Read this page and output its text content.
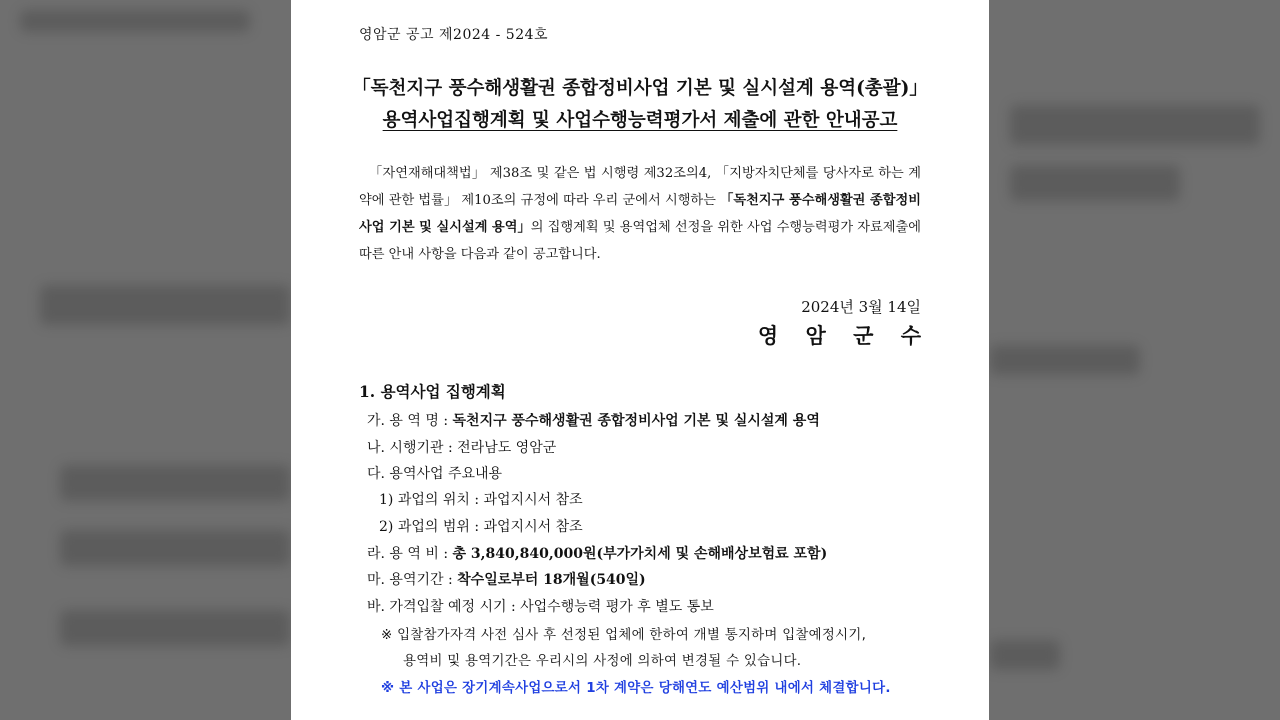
영암군 공고 제2024 - 524호
「독천지구 풍수해생활권 종합정비사업 기본 및 실시설계 용역(총괄)」
용역사업집행계획 및 사업수행능력평가서 제출에 관한 안내공고
「자연재해대책법」 제38조 및 같은 법 시행령 제32조의4, 「지방자치단체를 당사자로 하는 계약에 관한 법률」 제10조의 규정에 따라 우리 군에서 시행하는 「독천지구 풍수해생활권 종합정비사업 기본 및 실시설계 용역」의 집행계획 및 용역업체 선정을 위한 사업 수행능력평가 자료제출에 따른 안내 사항을 다음과 같이 공고합니다.
2024년 3월 14일
영 암 군 수
1. 용역사업 집행계획
가. 용 역 명 : 독천지구 풍수해생활권 종합정비사업 기본 및 실시설계 용역
나. 시행기관 : 전라남도 영암군
다. 용역사업 주요내용
1) 과업의 위치 : 과업지시서 참조
2) 과업의 범위 : 과업지시서 참조
라. 용 역 비 : 총 3,840,840,000원(부가가치세 및 손해배상보험료 포함)
마. 용역기간 : 착수일로부터 18개월(540일)
바. 가격입찰 예정 시기 : 사업수행능력 평가 후 별도 통보
※ 입찰참가자격 사전 심사 후 선정된 업체에 한하여 개별 통지하며 입찰예정시기,
용역비 및 용역기간은 우리시의 사정에 의하여 변경될 수 있습니다.
※ 본 사업은 장기계속사업으로서 1차 계약은 당해연도 예산범위 내에서 체결합니다.
